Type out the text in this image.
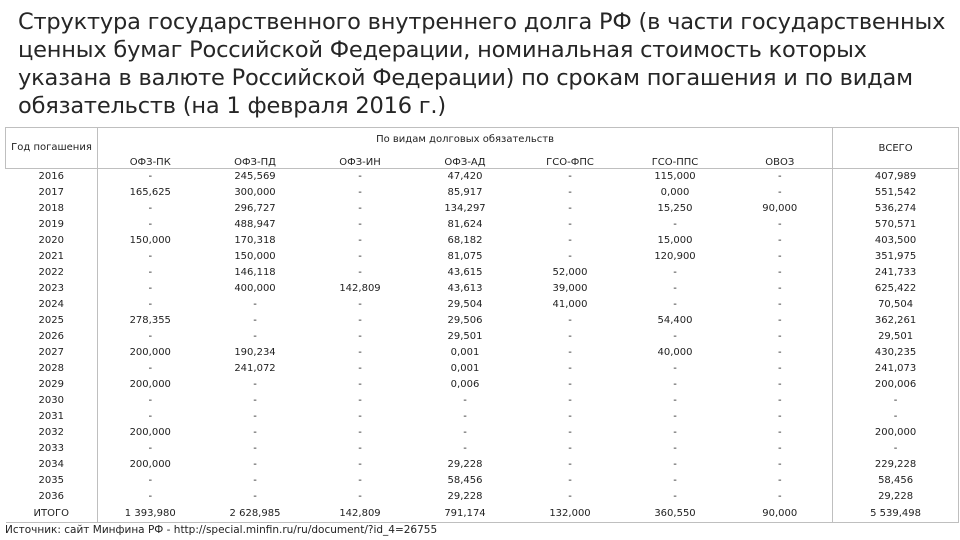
Структура государственного внутреннего долга РФ (в части государственных ценных бумаг Российской Федерации, номинальная стоимость которых указана в валюте Российской Федерации) по срокам погашения и по видам обязательств (на 1 февраля 2016 г.)
Год погашения	По видам долговых обязательств							ВСЕГО
	ОФЗ-ПК	ОФЗ-ПД	ОФЗ-ИН	ОФЗ-АД	ГСО-ФПС	ГСО-ППС	ОВОЗ	
2016	-	245,569	-	47,420	-	115,000	-	407,989
2017	165,625	300,000	-	85,917	-	0,000	-	551,542
2018	-	296,727	-	134,297	-	15,250	90,000	536,274
2019	-	488,947	-	81,624	-	-	-	570,571
2020	150,000	170,318	-	68,182	-	15,000	-	403,500
2021	-	150,000	-	81,075	-	120,900	-	351,975
2022	-	146,118	-	43,615	52,000	-	-	241,733
2023	-	400,000	142,809	43,613	39,000	-	-	625,422
2024	-	-	-	29,504	41,000	-	-	70,504
2025	278,355	-	-	29,506	-	54,400	-	362,261
2026	-	-	-	29,501	-	-	-	29,501
2027	200,000	190,234	-	0,001	-	40,000	-	430,235
2028	-	241,072	-	0,001	-	-	-	241,073
2029	200,000	-	-	0,006	-	-	-	200,006
2030	-	-	-	-	-	-	-	-
2031	-	-	-	-	-	-	-	-
2032	200,000	-	-	-	-	-	-	200,000
2033	-	-	-	-	-	-	-	-
2034	200,000	-	-	29,228	-	-	-	229,228
2035	-	-	-	58,456	-	-	-	58,456
2036	-	-	-	29,228	-	-	-	29,228
ИТОГО	1 393,980	2 628,985	142,809	791,174	132,000	360,550	90,000	5 539,498
Источник: сайт Минфина РФ - http://special.minfin.ru/ru/document/?id_4=26755
